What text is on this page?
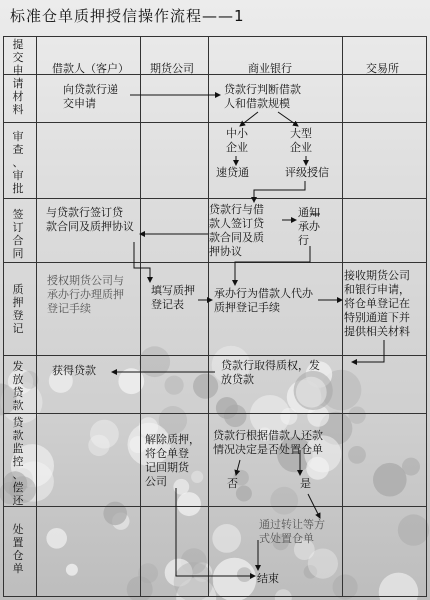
标准仓单质押授信操作流程——1
借款人（客户） 期货公司	商业银行	交易所
提
交
申
请
材
料
审
查
、
审
批
签
订
合
同
质
押
登
记
发
放
贷
款
贷
款
监
控
、
偿
还
处
置
仓
单
向贷款行递
交申请
贷款行判断借款
人和借款规模
中小
企业
大型
企业
速贷通	评级授信
与贷款行签订贷
款合同及质押协议
贷款行与借
款人签订贷
款合同及质
押协议
通知
承办
行
授权期货公司与
承办行办理质押
登记手续
填写质押
登记表
承办行为借款人代办
质押登记手续
接收期货公司
和银行申请，
将仓单登记在
特别通道下并
提供相关材料
获得贷款	贷款行取得质权，发
放贷款
解除质押，
将仓单登
记回期货
公司
贷款行根据借款人还款
情况决定是否处置仓单
否	是
通过转让等方
式处置仓单
结束
